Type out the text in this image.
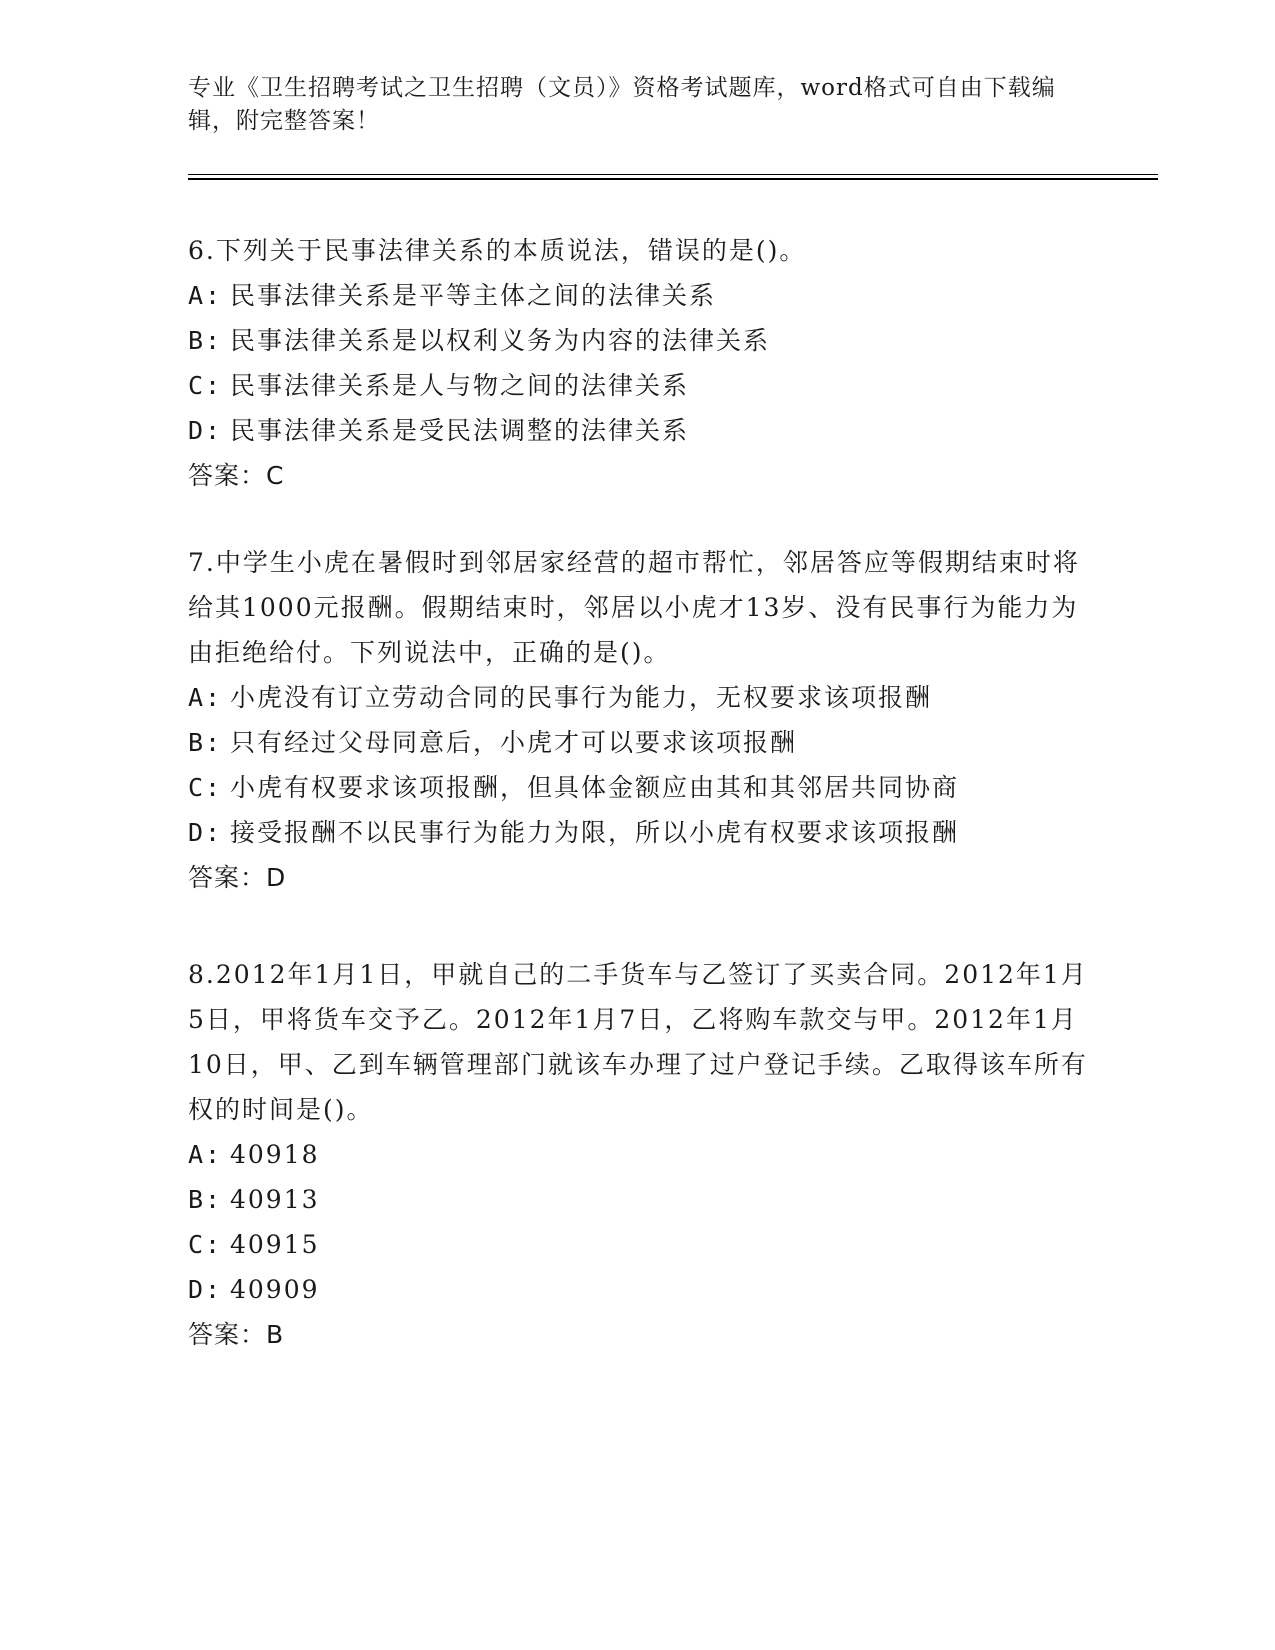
专业《卫生招聘考试之卫生招聘（文员）》资格考试题库，word格式可自由下载编辑，附完整答案！

6.下列关于民事法律关系的本质说法，错误的是()。

A: 民事法律关系是平等主体之间的法律关系

B: 民事法律关系是以权利义务为内容的法律关系

C: 民事法律关系是人与物之间的法律关系

D: 民事法律关系是受民法调整的法律关系

答案：C

7.中学生小虎在暑假时到邻居家经营的超市帮忙，邻居答应等假期结束时将给其1000元报酬。假期结束时，邻居以小虎才13岁、没有民事行为能力为由拒绝给付。下列说法中，正确的是()。

A: 小虎没有订立劳动合同的民事行为能力，无权要求该项报酬

B: 只有经过父母同意后，小虎才可以要求该项报酬

C: 小虎有权要求该项报酬，但具体金额应由其和其邻居共同协商

D: 接受报酬不以民事行为能力为限，所以小虎有权要求该项报酬

答案：D

8.2012年1月1日，甲就自己的二手货车与乙签订了买卖合同。2012年1月5日，甲将货车交予乙。2012年1月7日，乙将购车款交与甲。2012年1月10日，甲、乙到车辆管理部门就该车办理了过户登记手续。乙取得该车所有权的时间是()。

A: 40918

B: 40913

C: 40915

D: 40909

答案：B
